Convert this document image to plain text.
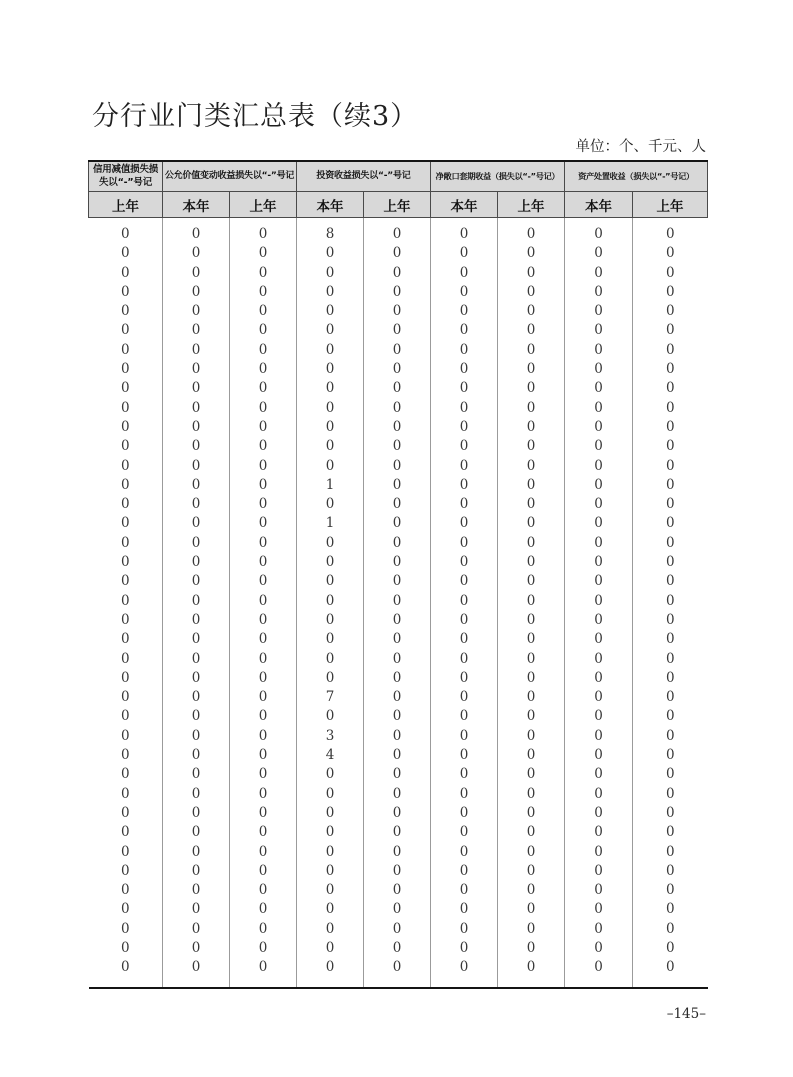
分行业门类汇总表（续3）
单位：个、千元、人
信用减值损失损失以“-”号记	公允价值变动收益损失以“-”号记		投资收益损失以“-”号记		净敞口套期收益（损失以“-”号记）		资产处置收益（损失以“-”号记）	
上年	本年	上年	本年	上年	本年	上年	本年	上年
0	0	0	8	0	0	0	0	0
0	0	0	0	0	0	0	0	0
0	0	0	0	0	0	0	0	0
0	0	0	0	0	0	0	0	0
0	0	0	0	0	0	0	0	0
0	0	0	0	0	0	0	0	0
0	0	0	0	0	0	0	0	0
0	0	0	0	0	0	0	0	0
0	0	0	0	0	0	0	0	0
0	0	0	0	0	0	0	0	0
0	0	0	0	0	0	0	0	0
0	0	0	0	0	0	0	0	0
0	0	0	0	0	0	0	0	0
0	0	0	1	0	0	0	0	0
0	0	0	0	0	0	0	0	0
0	0	0	1	0	0	0	0	0
0	0	0	0	0	0	0	0	0
0	0	0	0	0	0	0	0	0
0	0	0	0	0	0	0	0	0
0	0	0	0	0	0	0	0	0
0	0	0	0	0	0	0	0	0
0	0	0	0	0	0	0	0	0
0	0	0	0	0	0	0	0	0
0	0	0	0	0	0	0	0	0
0	0	0	7	0	0	0	0	0
0	0	0	0	0	0	0	0	0
0	0	0	3	0	0	0	0	0
0	0	0	4	0	0	0	0	0
0	0	0	0	0	0	0	0	0
0	0	0	0	0	0	0	0	0
0	0	0	0	0	0	0	0	0
0	0	0	0	0	0	0	0	0
0	0	0	0	0	0	0	0	0
0	0	0	0	0	0	0	0	0
0	0	0	0	0	0	0	0	0
0	0	0	0	0	0	0	0	0
0	0	0	0	0	0	0	0	0
0	0	0	0	0	0	0	0	0
0	0	0	0	0	0	0	0	0
–145–
